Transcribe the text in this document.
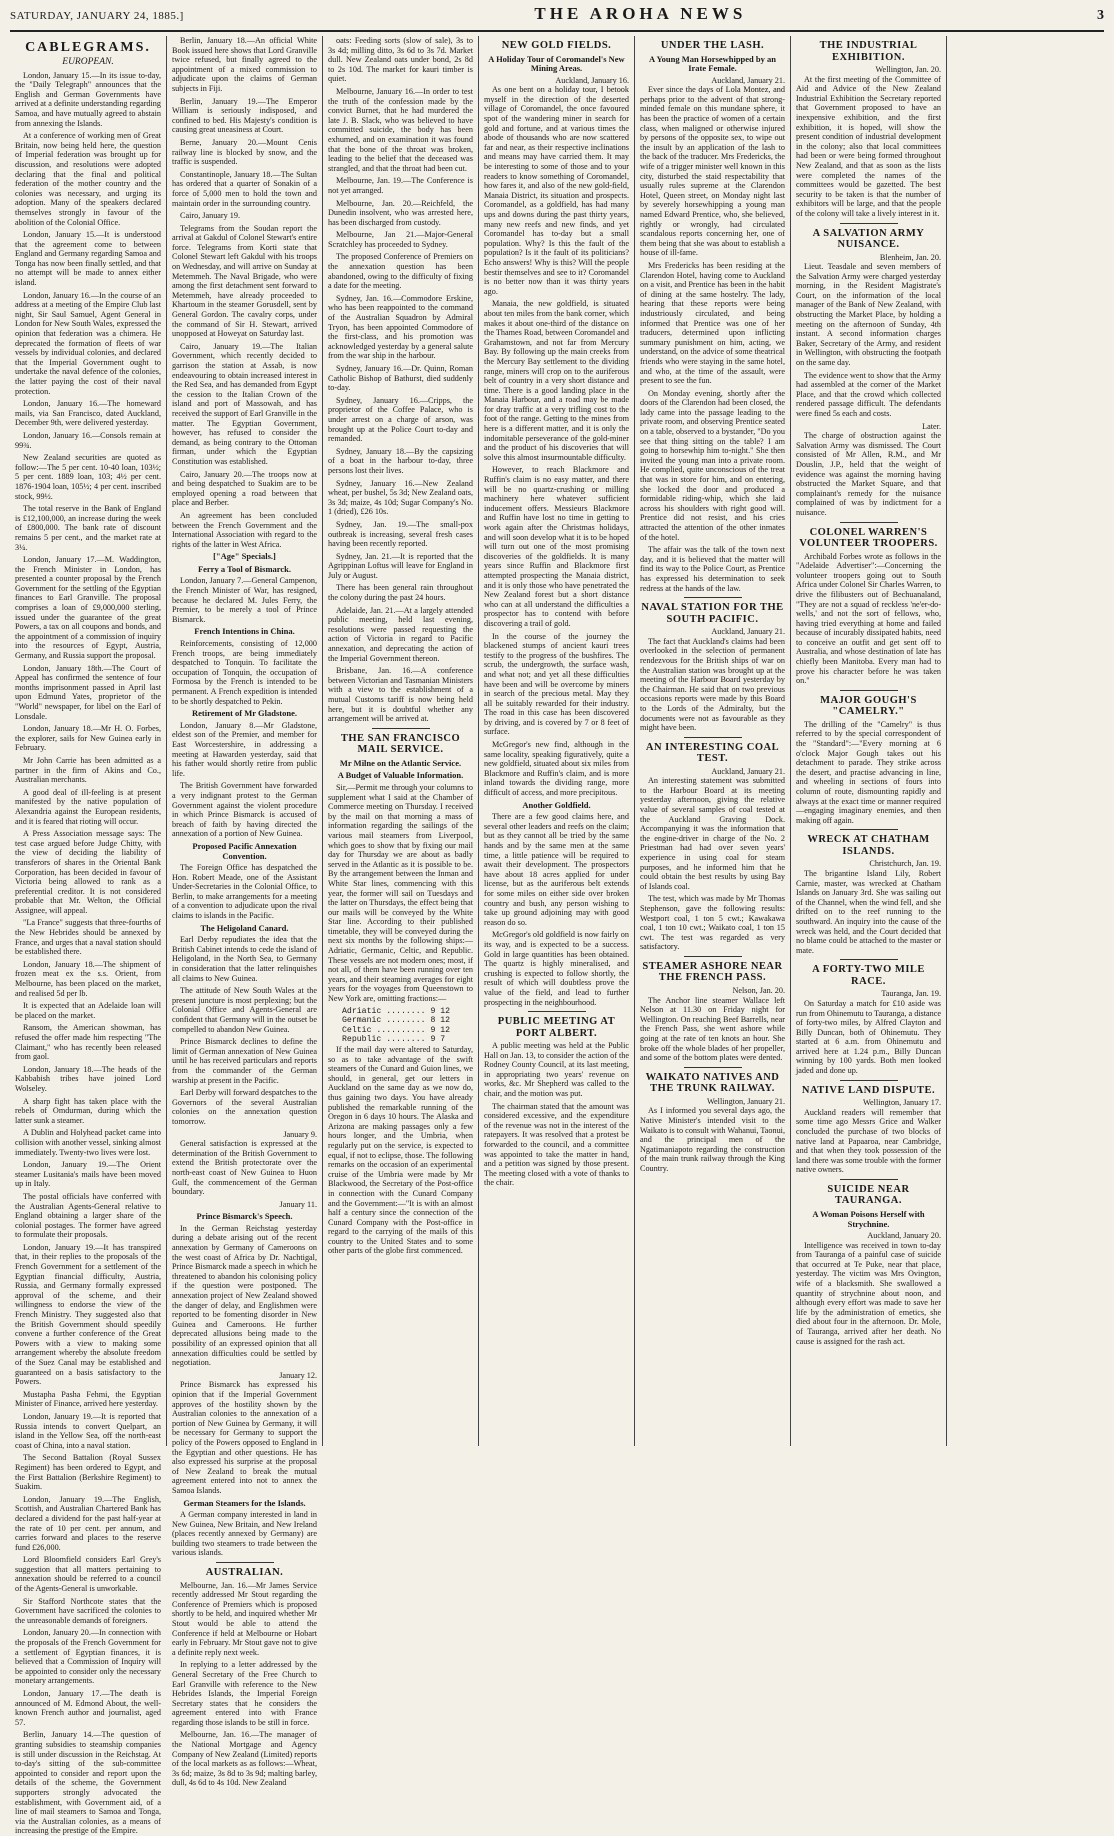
SATURDAY, JANUARY 24, 1885.]	THE AROHA NEWS	3
CABLEGRAMS.
EUROPEAN.

London, January 15.—In its issue to-day, the "Daily Telegraph" announces that the English and German Governments have arrived at a definite understanding regarding Samoa, and have mutually agreed to abstain from annexing the Islands.

At a conference of working men of Great Britain, now being held here, the question of Imperial federation was brought up for discussion, and resolutions were adopted declaring that the final and political federation of the mother country and the colonies was necessary, and urging its adoption. Many of the speakers declared themselves strongly in favour of the abolition of the Colonial Office.

London, January 15.—It is understood that the agreement come to between England and Germany regarding Samoa and Tonga has now been finally settled, and that no attempt will be made to annex either island.

London, January 16.—In the course of an address at a meeting of the Empire Club last night, Sir Saul Samuel, Agent General in London for New South Wales, expressed the opinion that federation was a chimera. He deprecated the formation of fleets of war vessels by individual colonies, and declared that the Imperial Government ought to undertake the naval defence of the colonies, the latter paying the cost of their naval protection.

London, January 16.—The homeward mails, via San Francisco, dated Auckland, December 9th, were delivered yesterday.

London, January 16.—Consols remain at 99¾.

New Zealand securities are quoted as follow:—The 5 per cent. 10-40 loan, 103½; 5 per cent. 1889 loan, 103; 4½ per cent. 1876-1904 loan, 105½; 4 per cent. inscribed stock, 99½.

The total reserve in the Bank of England is £12,100,000, an increase during the week of £800,000. The bank rate of discount remains 5 per cent., and the market rate at 3¼.

London, January 17.—M. Waddington, the French Minister in London, has presented a counter proposal by the French Government for the settling of the Egyptian finances to Earl Granville. The proposal comprises a loan of £9,000,000 sterling, issued under the guarantee of the great Powers, a tax on all coupons and bonds, and the appointment of a commission of inquiry into the resources of Egypt, Austria, Germany, and Russia support the proposal.

London, January 18th.—The Court of Appeal has confirmed the sentence of four months imprisonment passed in April last upon Edmund Yates, proprietor of the "World" newspaper, for libel on the Earl of Lonsdale.

London, January 18.—Mr H. O. Forbes, the explorer, sails for New Guinea early in February.

Mr John Carrie has been admitted as a partner in the firm of Akins and Co., Australian merchants.

A good deal of ill-feeling is at present manifested by the native population of Alexandria against the European residents, and it is feared that rioting will occur.

A Press Association message says: The test case argued before Judge Chitty, with the view of deciding the liability of transferors of shares in the Oriental Bank Corporation, has been decided in favour of Victoria being allowed to rank as a preferential creditor. It is not considered probable that Mr. Welton, the Official Assignee, will appeal.

"La France" suggests that three-fourths of the New Hebrides should be annexed by France, and urges that a naval station should be established there.

London, January 18.—The shipment of frozen meat ex the s.s. Orient, from Melbourne, has been placed on the market, and realised 5d per lb.

It is expected that an Adelaide loan will be placed on the market.

Ransom, the American showman, has refused the offer made him respecting "The Claimant," who has recently been released from gaol.

London, January 18.—The heads of the Kabbabish tribes have joined Lord Wolseley.

A sharp fight has taken place with the rebels of Omdurman, during which the latter sunk a steamer.

A Dublin and Holyhead packet came into collision with another vessel, sinking almost immediately. Twenty-two lives were lost.

London, January 19.—The Orient steamer Lusitania's mails have been moved up in Italy.

The postal officials have conferred with the Australian Agents-General relative to England obtaining a larger share of the colonial postages. The former have agreed to formulate their proposals.

London, January 19.—It has transpired that, in their replies to the proposals of the French Government for a settlement of the Egyptian financial difficulty, Austria, Russia, and Germany formally expressed approval of the scheme, and their willingness to endorse the view of the French Ministry. They suggested also that the British Government should speedily convene a further conference of the Great Powers with a view to making some arrangement whereby the absolute freedom of the Suez Canal may be established and guaranteed on a basis satisfactory to the Powers.

Mustapha Pasha Fehmi, the Egyptian Minister of Finance, arrived here yesterday.

London, January 19.—It is reported that Russia intends to convert Quelpart, an island in the Yellow Sea, off the north-east coast of China, into a naval station.

The Second Battalion (Royal Sussex Regiment) has been ordered to Egypt, and the First Battalion (Berkshire Regiment) to Suakim.

London, January 19.—The English, Scottish, and Australian Chartered Bank has declared a dividend for the past half-year at the rate of 10 per cent. per annum, and carries forward and places to the reserve fund £26,000.

Lord Bloomfield considers Earl Grey's suggestion that all matters pertaining to annexation should be referred to a council of the Agents-General is unworkable.

Sir Stafford Northcote states that the Government have sacrificed the colonies to the unreasonable demands of foreigners.

London, January 20.—In connection with the proposals of the French Government for a settlement of Egyptian finances, it is believed that a Commission of Inquiry will be appointed to consider only the necessary monetary arrangements.

London, January 17.—The death is announced of M. Edmond About, the well-known French author and journalist, aged 57.

Berlin, January 14.—The question of granting subsidies to steamship companies is still under discussion in the Reichstag. At to-day's sitting of the sub-committee appointed to consider and report upon the details of the scheme, the Government supporters strongly advocated the establishment, with Government aid, of a line of mail steamers to Samoa and Tonga, via the Australian colonies, as a means of increasing the prestige of the Empire.

Berlin, January 18.—An official White Book issued here shows that Lord Granville twice refused, but finally agreed to the appointment of a mixed commission to adjudicate upon the claims of German subjects in Fiji.

Berlin, January 19.—The Emperor William is seriously indisposed, and confined to bed. His Majesty's condition is causing great uneasiness at Court.

Berne, January 20.—Mount Cenis railway line is blocked by snow, and the traffic is suspended.

Constantinople, January 18.—The Sultan has ordered that a quarter of Sonakin of a force of 5,000 men to hold the town and maintain order in the surrounding country.

Cairo, January 19.

Telegrams from the Soudan report the arrival at Gakdul of Colonel Stewart's entire force. Telegrams from Korti state that Colonel Stewart left Gakdul with his troops on Wednesday, and will arrive on Sunday at Metemmeh. The Naval Brigade, who were among the first detachment sent forward to Metemmeh, have already proceeded to Khartoum in the steamer Gorusdell, sent by General Gordon. The cavalry corps, under the command of Sir H. Stewart, arrived unopposed at Howeyat on Saturday last.

Cairo, January 19.—The Italian Government, which recently decided to garrison the station at Assab, is now endeavouring to obtain increased interest in the Red Sea, and has demanded from Egypt the cession to the Italian Crown of the island and port of Massowah, and has received the support of Earl Granville in the matter. The Egyptian Government, however, has refused to consider the demand, as being contrary to the Ottoman firman, under which the Egyptian Constitution was established.

Cairo, January 20.—The troops now at and being despatched to Suakim are to be employed opening a road between that place and Berber.

An agreement has been concluded between the French Government and the International Association with regard to the rights of the latter in West Africa.

["Age" Specials.]
Ferry a Tool of Bismarck.

London, January 7.—General Campenon, the French Minister of War, has resigned, because he declared M. Jules Ferry, the Premier, to be merely a tool of Prince Bismarck.

French Intentions in China.

Reinforcements, consisting of 12,000 French troops, are being immediately despatched to Tonquin. To facilitate the occupation of Tonquin, the occupation of Formosa by the French is intended to be permanent. A French expedition is intended to be shortly despatched to Pekin.

Retirement of Mr Gladstone.

London, January 8.—Mr Gladstone, eldest son of the Premier, and member for East Worcestershire, in addressing a meeting at Hawarden yesterday, said that his father would shortly retire from public life.

The British Government have forwarded a very indignant protest to the German Government against the violent procedure in which Prince Bismarck is accused of breach of faith by having directed the annexation of a portion of New Guinea.

Proposed Pacific Annexation Convention.

The Foreign Office has despatched the Hon. Robert Meade, one of the Assistant Under-Secretaries in the Colonial Office, to Berlin, to make arrangements for a meeting of a convention to adjudicate upon the rival claims to islands in the Pacific.

The Heligoland Canard.

Earl Derby repudiates the idea that the British Cabinet intends to cede the island of Heligoland, in the North Sea, to Germany in consideration that the latter relinquishes all claims to New Guinea.

The attitude of New South Wales at the present juncture is most perplexing; but the Colonial Office and Agents-General are confident that Germany will in the outset be compelled to abandon New Guinea.

Prince Bismarck declines to define the limit of German annexation of New Guinea until he has received particulars and reports from the commander of the German warship at present in the Pacific.

Earl Derby will forward despatches to the Governors of the several Australian colonies on the annexation question tomorrow.

January 9.

General satisfaction is expressed at the determination of the British Government to extend the British protectorate over the north-east coast of New Guinea to Huon Gulf, the commencement of the German boundary.

January 11.
Prince Bismarck's Speech.

In the German Reichstag yesterday during a debate arising out of the recent annexation by Germany of Cameroons on the west coast of Africa by Dr. Nachtigal, Prince Bismarck made a speech in which he threatened to abandon his colonising policy if the question were postponed. The annexation project of New Zealand showed the danger of delay, and Englishmen were reported to be fomenting disorder in New Guinea and Cameroons. He further deprecated allusions being made to the possibility of an expressed opinion that all annexation difficulties could be settled by negotiation.

January 12.

Prince Bismarck has expressed his opinion that if the Imperial Government approves of the hostility shown by the Australian colonies to the annexation of a portion of New Guinea by Germany, it will be necessary for Germany to support the policy of the Powers opposed to England in the Egyptian and other questions. He has also expressed his surprise at the proposal of New Zealand to break the mutual agreement entered into not to annex the Samoa Islands.

German Steamers for the Islands.

A German company interested in land in New Guinea, New Britain, and New Ireland (places recently annexed by Germany) are building two steamers to trade between the various islands.

AUSTRALIAN.

Melbourne, Jan. 16.—Mr James Service recently addressed Mr Stout regarding the Conference of Premiers which is proposed shortly to be held, and inquired whether Mr Stout would be able to attend the Conference if held at Melbourne or Hobart early in February. Mr Stout gave not to give a definite reply next week.

In replying to a letter addressed by the General Secretary of the Free Church to Earl Granville with reference to the New Hebrides Islands, the Imperial Foreign Secretary states that he considers the agreement entered into with France regarding those islands to be still in force.

Melbourne, Jan. 16.—The manager of the National Mortgage and Agency Company of New Zealand (Limited) reports of the local markets as as follows:—Wheat, 3s 6d; maize, 3s 8d to 3s 9d; malting barley, dull, 4s 6d to 4s 10d. New Zealand

oats: Feeding sorts (slow of sale), 3s to 3s 4d; milling ditto, 3s 6d to 3s 7d. Market dull. New Zealand oats under bond, 2s 8d to 2s 10d. The market for kauri timber is quiet.

Melbourne, January 16.—In order to test the truth of the confession made by the convict Burnet, that he had murdered the late J. B. Slack, who was believed to have committed suicide, the body has been exhumed, and on examination it was found that the bone of the throat was broken, leading to the belief that the deceased was strangled, and that the throat had been cut.

Melbourne, Jan. 19.—The Conference is not yet arranged.

Melbourne, Jan. 20.—Reichfeld, the Dunedin insolvent, who was arrested here, has been discharged from custody.

Melbourne, Jan 21.—Major-General Scratchley has proceeded to Sydney.

The proposed Conference of Premiers on the annexation question has been abandoned, owing to the difficulty of fixing a date for the meeting.

Sydney, Jan. 16.—Commodore Erskine, who has been reappointed to the command of the Australian Squadron by Admiral Tryon, has been appointed Commodore of the first-class, and his promotion was acknowledged yesterday by a general salute from the war ship in the harbour.

Sydney, January 16.—Dr. Quinn, Roman Catholic Bishop of Bathurst, died suddenly to-day.

Sydney, January 16.—Cripps, the proprietor of the Coffee Palace, who is under arrest on a charge of arson, was brought up at the Police Court to-day and remanded.

Sydney, January 18.—By the capsizing of a boat in the harbour to-day, three persons lost their lives.

Sydney, January 16.—New Zealand wheat, per bushel, 5s 3d; New Zealand oats, 3s 3d; maize, 4s 10d; Sugar Company's No. 1 (dried), £26 10s.

Sydney, Jan. 19.—The small-pox outbreak is increasing, several fresh cases having been recently reported.

Sydney, Jan. 21.—It is reported that the Agrippinan Loftus will leave for England in July or August.

There has been general rain throughout the colony during the past 24 hours.

Adelaide, Jan. 21.—At a largely attended public meeting, held last evening, resolutions were passed requesting the action of Victoria in regard to Pacific annexation, and deprecating the action of the Imperial Government thereon.

Brisbane, Jan. 16.—A conference between Victorian and Tasmanian Ministers with a view to the establishment of a mutual Customs tariff is now being held here, but it is doubtful whether any arrangement will be arrived at.

THE SAN FRANCISCO MAIL SERVICE.
Mr Milne on the Atlantic Service.
A Budget of Valuable Information.

Sir,—Permit me through your columns to supplement what I said at the Chamber of Commerce meeting on Thursday. I received by the mail on that morning a mass of information regarding the sailings of the various mail steamers from Liverpool, which goes to show that by fixing our mail day for Thursday we are about as badly served in the Atlantic as it is possible to be. By the arrangement between the Inman and White Star lines, commencing with this year, the former will sail on Tuesdays and the latter on Thursdays, the effect being that our mails will be conveyed by the White Star line. According to their published timetable, they will be conveyed during the next six months by the following ships:—Adriatic, Germanic, Celtic, and Republic. These vessels are not modern ones; most, if not all, of them have been running over ten years, and their steaming averages for eight years for the voyages from Queenstown to New York are, omitting fractions:—

Adriatic ........ 9 12
Germanic ........ 8 12
Celtic .......... 9 12
Republic ........ 9 7

If the mail day were altered to Saturday, so as to take advantage of the swift steamers of the Cunard and Guion lines, we should, in general, get our letters in Auckland on the same day as we now do, thus gaining two days. You have already published the remarkable running of the Oregon in 6 days 10 hours. The Alaska and Arizona are making passages only a few hours longer, and the Umbria, when regularly put on the service, is expected to equal, if not to eclipse, those. The following remarks on the occasion of an experimental cruise of the Umbria were made by Mr Blackwood, the Secretary of the Post-office in connection with the Cunard Company and the Government:—"It is with an almost half a century since the connection of the Cunard Company with the Post-office in regard to the carrying of the mails of this country to the United States and to some other parts of the globe first commenced.

NEW GOLD FIELDS.
A Holiday Tour of Coromandel's New Mining Areas.
Auckland, January 16.

As one bent on a holiday tour, I betook myself in the direction of the deserted village of Coromandel, the once favoured spot of the wandering miner in search for gold and fortune, and at various times the abode of thousands who are now scattered far and near, as their respective inclinations and means may have carried them. It may be interesting to some of those and to your readers to know something of Coromandel, how fares it, and also of the new gold-field, Manaia District, its situation and prospects. Coromandel, as a goldfield, has had many ups and downs during the past thirty years, many new reefs and new finds, and yet Coromandel has to-day but a small population. Why? Is this the fault of the population? Is it the fault of its politicians? Echo answers! Why is this? Will the people bestir themselves and see to it? Coromandel is no better now than it was thirty years ago.

Manaia, the new goldfield, is situated about ten miles from the bank corner, which makes it about one-third of the distance on the Thames Road, between Coromandel and Grahamstown, and not far from Mercury Bay. By following up the main creeks from the Mercury Bay settlement to the dividing range, miners will crop on to the auriferous belt of country in a very short distance and time. There is a good landing place in the Manaia Harbour, and a road may be made for dray traffic at a very trifling cost to the foot of the range. Getting to the mines from here is a different matter, and it is only the indomitable perseverance of the gold-miner and the product of his discoveries that will solve this almost insurmountable difficulty.

However, to reach Blackmore and Ruffin's claim is no easy matter, and there will be no quartz-crushing or milling machinery here whatever sufficient inducement offers. Messieurs Blackmore and Ruffin have lost no time in getting to work again after the Christmas holidays, and will soon develop what it is to be hoped will turn out one of the most promising discoveries of the goldfields. It is many years since Ruffin and Blackmore first attempted prospecting the Manaia district, and it is only those who have penetrated the New Zealand forest but a short distance who can at all understand the difficulties a prospector has to contend with before discovering a trail of gold.

In the course of the journey the blackened stumps of ancient kauri trees testify to the progress of the bushfires. The scrub, the undergrowth, the surface wash, and what not; and yet all these difficulties have been and will be overcome by miners in search of the precious metal. May they all be suitably rewarded for their industry. The road in this case has been discovered by driving, and is covered by 7 or 8 feet of surface.

McGregor's new find, although in the same locality, speaking figuratively, quite a new goldfield, situated about six miles from Blackmore and Ruffin's claim, and is more inland towards the dividing range, more difficult of access, and more precipitous.

Another Goldfield.

There are a few good claims here, and several other leaders and reefs on the claim; but as they cannot all be tried by the same hands and by the same men at the same time, a little patience will be required to await their development. The prospectors have about 18 acres applied for under license, but as the auriferous belt extends for some miles on either side over broken country and bush, any person wishing to take up ground adjoining may with good reason do so.

McGregor's old goldfield is now fairly on its way, and is expected to be a success. Gold in large quantities has been obtained. The quartz is highly mineralised, and crushing is expected to follow shortly, the result of which will doubtless prove the value of the field, and lead to further prospecting in the neighbourhood.

PUBLIC MEETING AT PORT ALBERT.

A public meeting was held at the Public Hall on Jan. 13, to consider the action of the Rodney County Council, at its last meeting, in appropriating two years' revenue on works, &c. Mr Shepherd was called to the chair, and the motion was put.

The chairman stated that the amount was considered excessive, and the expenditure of the revenue was not in the interest of the ratepayers. It was resolved that a protest be forwarded to the council, and a committee was appointed to take the matter in hand, and a petition was signed by those present. The meeting closed with a vote of thanks to the chair.

UNDER THE LASH.
A Young Man Horsewhipped by an Irate Female.
Auckland, January 21.

Ever since the days of Lola Montez, and perhaps prior to the advent of that strong-minded female on this mundane sphere, it has been the practice of women of a certain class, when maligned or otherwise injured by persons of the opposite sex, to wipe out the insult by an application of the lash to the back of the traducer. Mrs Fredericks, the wife of a trigger minister well known in this city, disturbed the staid respectability that usually rules supreme at the Clarendon Hotel, Queen street, on Monday night last by severely horsewhipping a young man named Edward Prentice, who, she believed, rightly or wrongly, had circulated scandalous reports concerning her, one of them being that she was about to establish a house of ill-fame.

Mrs Fredericks has been residing at the Clarendon Hotel, having come to Auckland on a visit, and Prentice has been in the habit of dining at the same hostelry. The lady, hearing that these reports were being industriously circulated, and being informed that Prentice was one of her traducers, determined upon inflicting summary punishment on him, acting, we understand, on the advice of some theatrical friends who were staying in the same hotel, and who, at the time of the assault, were present to see the fun.

On Monday evening, shortly after the doors of the Clarendon had been closed, the lady came into the passage leading to the private room, and observing Prentice seated on a table, observed to a bystander, "Do you see that thing sitting on the table? I am going to horsewhip him to-night." She then invited the young man into a private room. He complied, quite unconscious of the treat that was in store for him, and on entering, she locked the door and produced a formidable riding-whip, which she laid across his shoulders with right good will. Prentice did not resist, and his cries attracted the attention of the other inmates of the hotel.

The affair was the talk of the town next day, and it is believed that the matter will find its way to the Police Court, as Prentice has expressed his determination to seek redress at the hands of the law.

NAVAL STATION FOR THE SOUTH PACIFIC.
Auckland, January 21.

The fact that Auckland's claims had been overlooked in the selection of permanent rendezvous for the British ships of war on the Australian station was brought up at the meeting of the Harbour Board yesterday by the Chairman. He said that on two previous occasions reports were made by this Board to the Lords of the Admiralty, but the documents were not as favourable as they might have been.

AN INTERESTING COAL TEST.
Auckland, January 21.

An interesting statement was submitted to the Harbour Board at its meeting yesterday afternoon, giving the relative value of several samples of coal tested at the Auckland Graving Dock. Accompanying it was the information that the engine-driver in charge of the No. 2 Priestman had had over seven years' experience in using coal for steam purposes, and he informed him that he could obtain the best results by using Bay of Islands coal.

The test, which was made by Mr Thomas Stephenson, gave the following results: Westport coal, 1 ton 5 cwt.; Kawakawa coal, 1 ton 10 cwt.; Waikato coal, 1 ton 15 cwt. The test was regarded as very satisfactory.

STEAMER ASHORE NEAR THE FRENCH PASS.
Nelson, Jan. 20.

The Anchor line steamer Wallace left Nelson at 11.30 on Friday night for Wellington. On reaching Beef Barrells, near the French Pass, she went ashore while going at the rate of ten knots an hour. She broke off the whole blades of her propeller, and some of the bottom plates were dented.

WAIKATO NATIVES AND THE TRUNK RAILWAY.
Wellington, January 21.

As I informed you several days ago, the Native Minister's intended visit to the Waikato is to consult with Wahanui, Taonui, and the principal men of the Ngatimaniapoto regarding the construction of the main trunk railway through the King Country.

THE INDUSTRIAL EXHIBITION.
Wellington, Jan. 20.

At the first meeting of the Committee of Aid and Advice of the New Zealand Industrial Exhibition the Secretary reported that Government proposed to have an inexpensive exhibition, and the first exhibition, it is hoped, will show the present condition of industrial development in the colony; also that local committees had been or were being formed throughout New Zealand, and that as soon as the lists were completed the names of the committees would be gazetted. The best security to be taken is that the number of exhibitors will be large, and that the people of the colony will take a lively interest in it.

A SALVATION ARMY NUISANCE.
Blenheim, Jan. 20.

Lieut. Teasdale and seven members of the Salvation Army were charged yesterday morning, in the Resident Magistrate's Court, on the information of the local manager of the Bank of New Zealand, with obstructing the Market Place, by holding a meeting on the afternoon of Sunday, 4th instant. A second information charges Baker, Secretary of the Army, and resident in Wellington, with obstructing the footpath on the same day.

The evidence went to show that the Army had assembled at the corner of the Market Place, and that the crowd which collected rendered passage difficult. The defendants were fined 5s each and costs.

Later.

The charge of obstruction against the Salvation Army was dismissed. The Court consisted of Mr Allen, R.M., and Mr Douslin, J.P., held that the weight of evidence was against the morning having obstructed the Market Square, and that complainant's remedy for the nuisance complained of was by indictment for a nuisance.

COLONEL WARREN'S VOLUNTEER TROOPERS.

Archibald Forbes wrote as follows in the "Adelaide Advertiser":—Concerning the volunteer troopers going out to South Africa under Colonel Sir Charles Warren, to drive the filibusters out of Bechuanaland, "They are not a squad of reckless 'ne'er-do-wells,' and not the sort of fellows, who, having tried everything at home and failed because of incurably dissipated habits, need to conceive an outfit and get sent off to Australia, and whose destination of late has chiefly been Manitoba. Every man had to prove his character before he was taken on."

MAJOR GOUGH'S "CAMELRY."

The drilling of the "Camelry" is thus referred to by the special correspondent of the "Standard":—"Every morning at 6 o'clock Major Gough takes out his detachment to parade. They strike across the desert, and practise advancing in line, and wheeling in sections of fours into column of route, dismounting rapidly and always at the exact time or manner required—engaging imaginary enemies, and then making off again.

WRECK AT CHATHAM ISLANDS.
Christchurch, Jan. 19.

The brigantine Island Lily, Robert Carnie, master, was wrecked at Chatham Islands on January 3rd. She was sailing out of the Channel, when the wind fell, and she drifted on to the reef running to the southward. An inquiry into the cause of the wreck was held, and the Court decided that no blame could be attached to the master or mate.

A FORTY-TWO MILE RACE.
Tauranga, Jan. 19.

On Saturday a match for £10 aside was run from Ohinemutu to Tauranga, a distance of forty-two miles, by Alfred Clayton and Billy Duncan, both of Ohinemutu. They started at 6 a.m. from Ohinemutu and arrived here at 1.24 p.m., Billy Duncan winning by 100 yards. Both men looked jaded and done up.

NATIVE LAND DISPUTE.
Wellington, January 17.

Auckland readers will remember that some time ago Messrs Grice and Walker concluded the purchase of two blocks of native land at Papaaroa, near Cambridge, and that when they took possession of the land there was some trouble with the former native owners.

SUICIDE NEAR TAURANGA.
A Woman Poisons Herself with Strychnine.
Auckland, January 20.

Intelligence was received in town to-day from Tauranga of a painful case of suicide that occurred at Te Puke, near that place, yesterday. The victim was Mrs Ovington, wife of a blacksmith. She swallowed a quantity of strychnine about noon, and although every effort was made to save her life by the administration of emetics, she died about four in the afternoon. Dr. Mole, of Tauranga, arrived after her death. No cause is assigned for the rash act.
